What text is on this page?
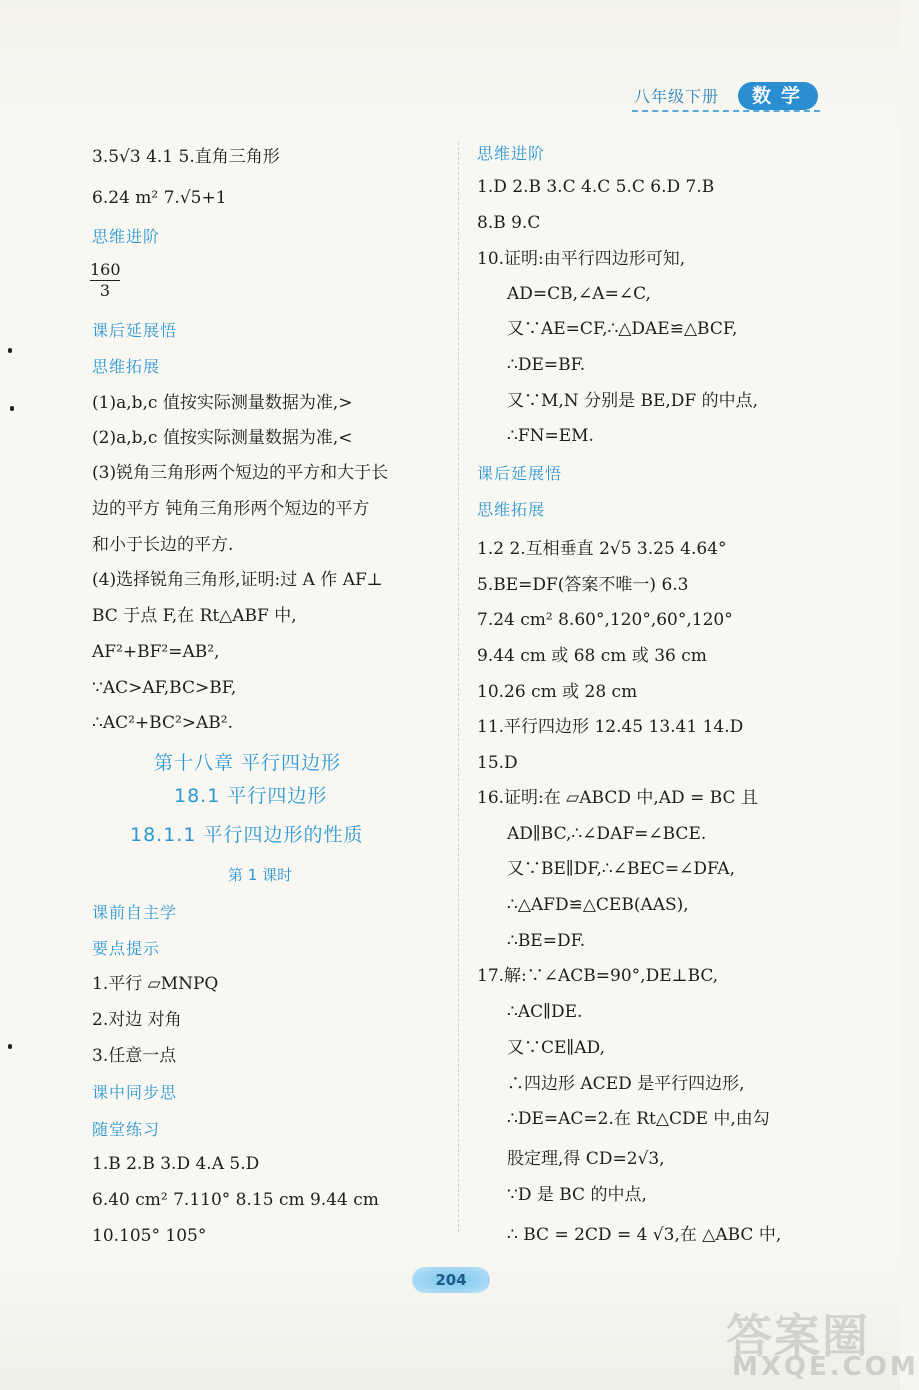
八年级下册	数学
3.5√3 4.1 5.直角三角形
6.24 m² 7.√5+1
思维进阶
$\frac{160}{3}$
课后延展悟
思维拓展
(1)a,b,c 值按实际测量数据为准,>
(2)a,b,c 值按实际测量数据为准,<
(3)锐角三角形两个短边的平方和大于长
边的平方 钝角三角形两个短边的平方
和小于长边的平方.
(4)选择锐角三角形,证明:过 A 作 AF⊥
BC 于点 F,在 Rt△ABF 中,
AF²+BF²=AB²,
∵AC>AF,BC>BF,
∴AC²+BC²>AB².
第十八章 平行四边形
18.1 平行四边形
18.1.1 平行四边形的性质
第 1 课时
课前自主学
要点提示
1.平行 ▱MNPQ
2.对边 对角
3.任意一点
课中同步思
随堂练习
1.B 2.B 3.D 4.A 5.D
6.40 cm² 7.110° 8.15 cm 9.44 cm
10.105° 105°
思维进阶
1.D 2.B 3.C 4.C 5.C 6.D 7.B
8.B 9.C
10.证明:由平行四边形可知,
AD=CB,∠A=∠C,
又∵AE=CF,∴△DAE≌△BCF,
∴DE=BF.
又∵M,N 分别是 BE,DF 的中点,
∴FN=EM.
课后延展悟
思维拓展
1.2 2.互相垂直 2√5 3.25 4.64°
5.BE=DF(答案不唯一) 6.3
7.24 cm² 8.60°,120°,60°,120°
9.44 cm 或 68 cm 或 36 cm
10.26 cm 或 28 cm
11.平行四边形 12.45 13.41 14.D
15.D
16.证明:在 ▱ABCD 中,AD = BC 且
AD∥BC,∴∠DAF=∠BCE.
又∵BE∥DF,∴∠BEC=∠DFA,
∴△AFD≌△CEB(AAS),
∴BE=DF.
17.解:∵∠ACB=90°,DE⊥BC,
∴AC∥DE.
又∵CE∥AD,
∴四边形 ACED 是平行四边形,
∴DE=AC=2.在 Rt△CDE 中,由勾
股定理,得 CD=2√3,
∵D 是 BC 的中点,
∴ BC = 2CD = 4 √3,在 △ABC 中,
204
答案圈
MXQE.COM
